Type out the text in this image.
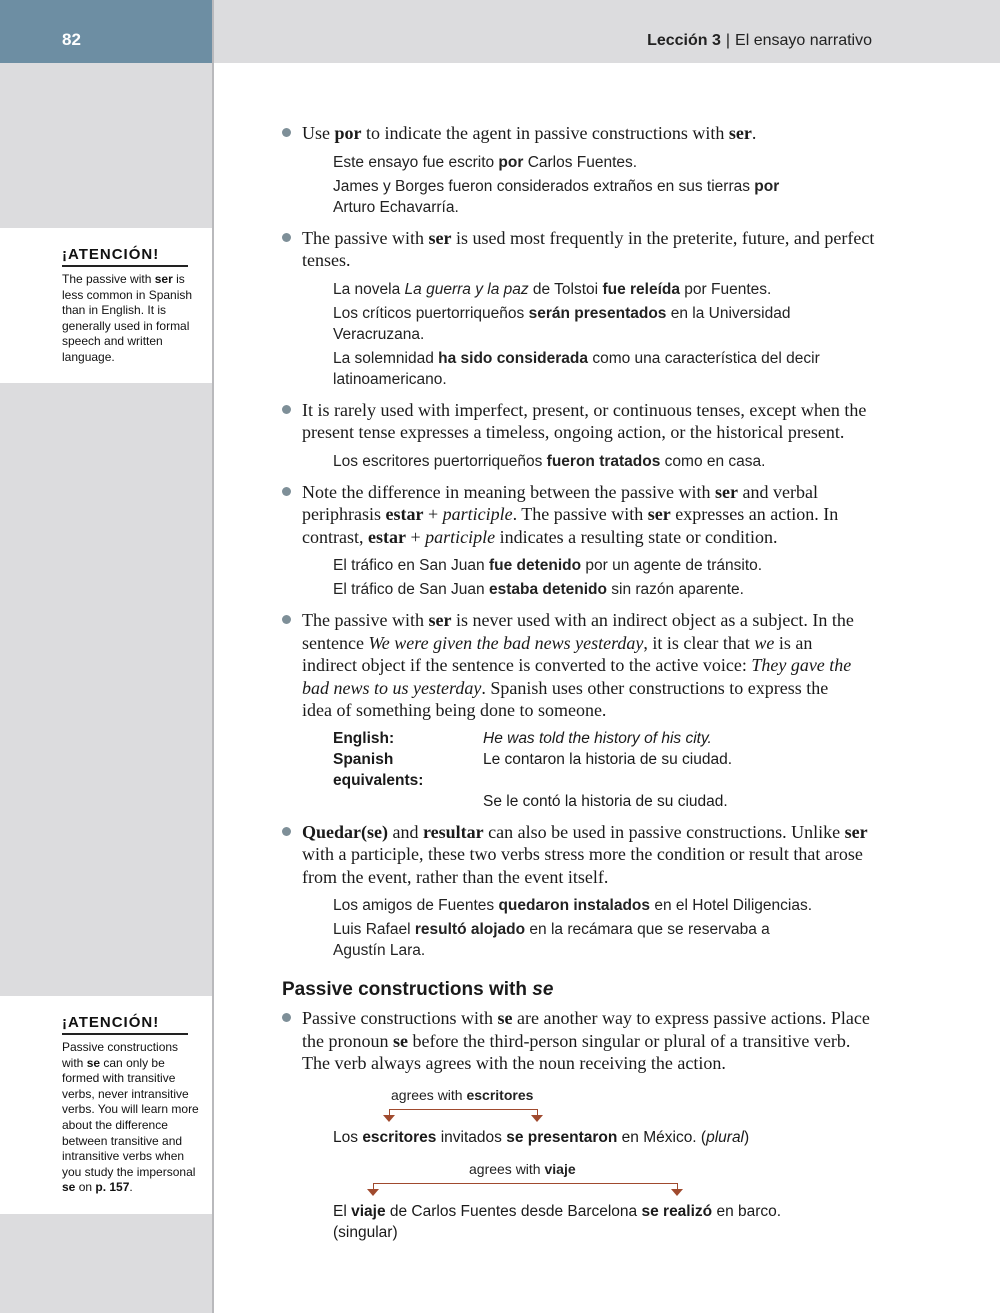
82	Lección 3 | El ensayo narrativo
¡ATENCIÓN!
The passive with ser is less common in Spanish than in English. It is generally used in formal speech and written language.
¡ATENCIÓN!
Passive constructions with se can only be formed with transitive verbs, never intransitive verbs. You will learn more about the difference between transitive and intransitive verbs when you study the impersonal se on p. 157.
Use por to indicate the agent in passive constructions with ser.

Este ensayo fue escrito por Carlos Fuentes.

James y Borges fueron considerados extraños en sus tierras por Arturo Echavarría.

The passive with ser is used most frequently in the preterite, future, and perfect tenses.

La novela La guerra y la paz de Tolstoi fue releída por Fuentes.

Los críticos puertorriqueños serán presentados en la Universidad Veracruzana.

La solemnidad ha sido considerada como una característica del decir latinoamericano.

It is rarely used with imperfect, present, or continuous tenses, except when the present tense expresses a timeless, ongoing action, or the historical present.

Los escritores puertorriqueños fueron tratados como en casa.

Note the difference in meaning between the passive with ser and verbal periphrasis estar + participle. The passive with ser expresses an action. In contrast, estar + participle indicates a resulting state or condition.

El tráfico en San Juan fue detenido por un agente de tránsito.

El tráfico de San Juan estaba detenido sin razón aparente.

The passive with ser is never used with an indirect object as a subject. In the sentence We were given the bad news yesterday, it is clear that we is an indirect object if the sentence is converted to the active voice: They gave the bad news to us yesterday. Spanish uses other constructions to express the idea of something being done to someone.
English:	He was told the history of his city.
Spanish equivalents:
Le contaron la historia de su ciudad.
Se le contó la historia de su ciudad.
Quedar(se) and resultar can also be used in passive constructions. Unlike ser with a participle, these two verbs stress more the condition or result that arose from the event, rather than the event itself.

Los amigos de Fuentes quedaron instalados en el Hotel Diligencias.

Luis Rafael resultó alojado en la recámara que se reservaba a Agustín Lara.

Passive constructions with se
Passive constructions with se are another way to express passive actions. Place the pronoun se before the third-person singular or plural of a transitive verb. The verb always agrees with the noun receiving the action.
agrees with escritores
Los escritores invitados se presentaron en México. (plural)
agrees with viaje
El viaje de Carlos Fuentes desde Barcelona se realizó en barco.
(singular)
